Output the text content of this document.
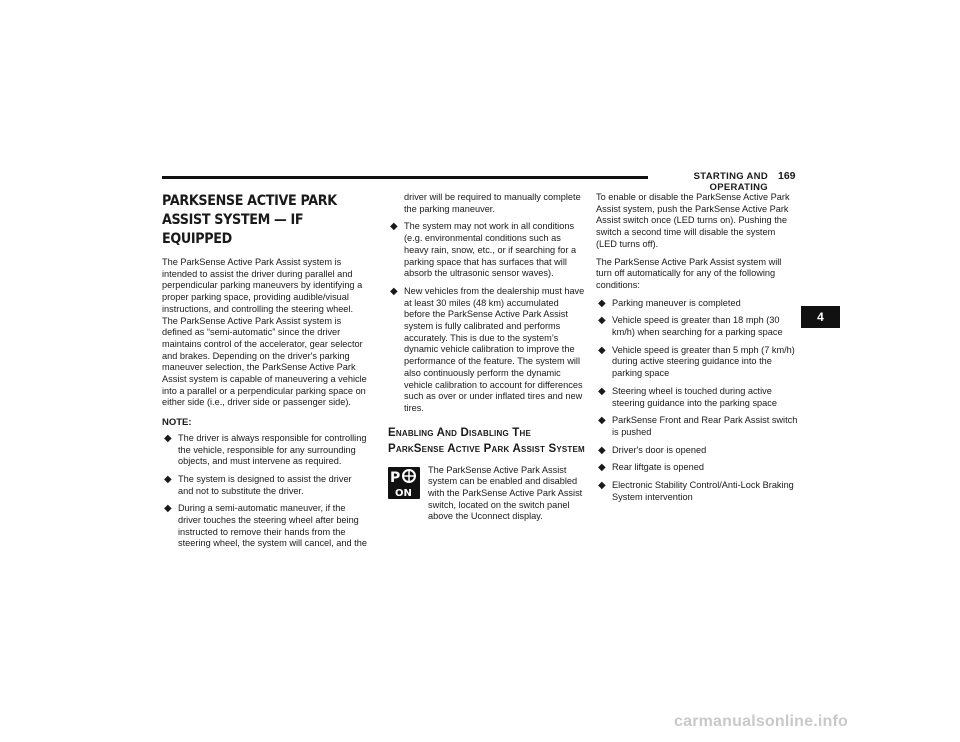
STARTING AND OPERATING
169
PARKSENSE ACTIVE PARK ASSIST SYSTEM — IF EQUIPPED

The ParkSense Active Park Assist system is intended to assist the driver during parallel and perpendicular parking maneuvers by identifying a proper parking space, providing audible/visual instructions, and controlling the steering wheel. The ParkSense Active Park Assist system is defined as “semi-automatic” since the driver maintains control of the accelerator, gear selector and brakes. Depending on the driver's parking maneuver selection, the ParkSense Active Park Assist system is capable of maneuvering a vehicle into a parallel or a perpendicular parking space on either side (i.e., driver side or passenger side).

NOTE:
◆ The driver is always responsible for controlling the vehicle, responsible for any surrounding objects, and must intervene as required.
◆ The system is designed to assist the driver and not to substitute the driver.
◆ During a semi-automatic maneuver, if the driver touches the steering wheel after being instructed to remove their hands from the steering wheel, the system will cancel, and the

driver will be required to manually complete the parking maneuver.

◆ The system may not work in all conditions (e.g. environmental conditions such as heavy rain, snow, etc., or if searching for a parking space that has surfaces that will absorb the ultrasonic sensor waves).
◆ New vehicles from the dealership must have at least 30 miles (48 km) accumulated before the ParkSense Active Park Assist system is fully calibrated and performs accurately. This is due to the system’s dynamic vehicle calibration to improve the performance of the feature. The system will also continuously perform the dynamic vehicle calibration to account for differences such as over or under inflated tires and new tires.
Enabling And Disabling The ParkSense Active Park Assist System
P
ON

The ParkSense Active Park Assist system can be enabled and disabled with the ParkSense Active Park Assist switch, located on the switch panel above the Uconnect display.

To enable or disable the ParkSense Active Park Assist system, push the ParkSense Active Park Assist switch once (LED turns on). Pushing the switch a second time will disable the system (LED turns off).

The ParkSense Active Park Assist system will turn off automatically for any of the following conditions:

◆ Parking maneuver is completed
◆ Vehicle speed is greater than 18 mph (30 km/h) when searching for a parking space
◆ Vehicle speed is greater than 5 mph (7 km/h) during active steering guidance into the parking space
◆ Steering wheel is touched during active steering guidance into the parking space
◆ ParkSense Front and Rear Park Assist switch is pushed
◆ Driver's door is opened
◆ Rear liftgate is opened
◆ Electronic Stability Control/Anti-Lock Braking System intervention
4
carmanualsonline.info
